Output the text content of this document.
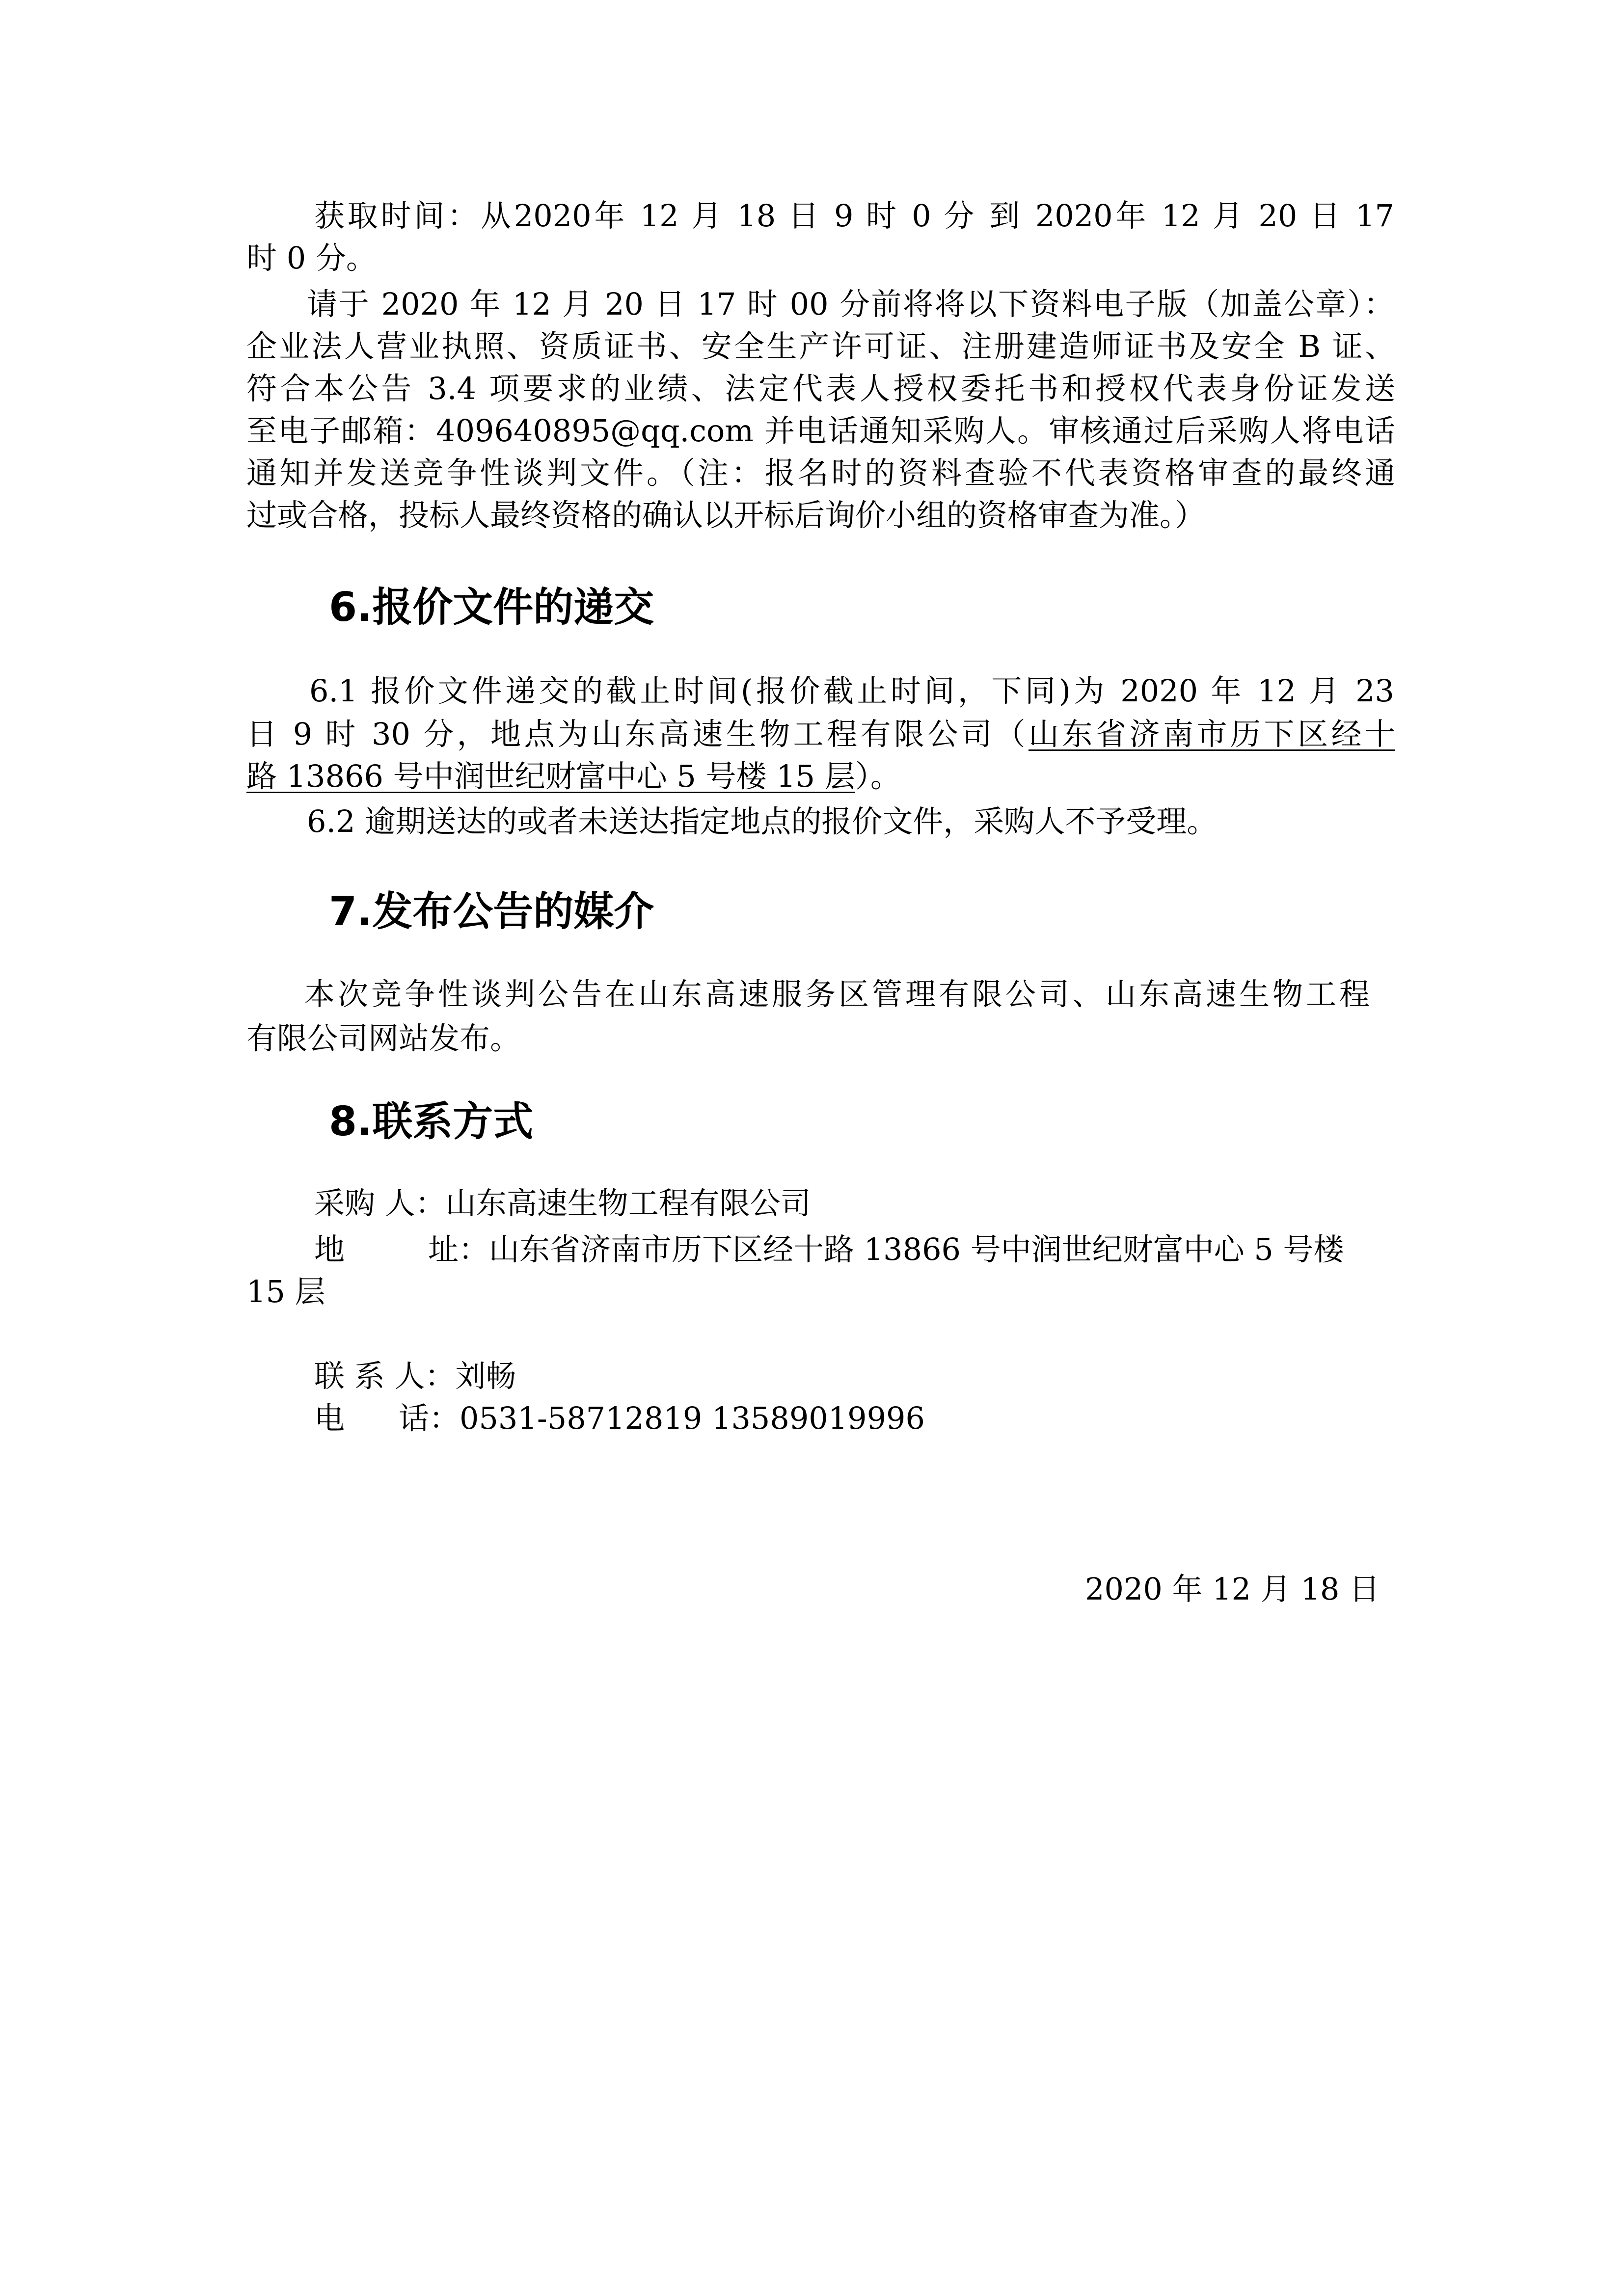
获取时间：从2020年 12 月 18 日 9 时 0 分 到 2020年 12 月 20 日 17
时 0 分。
请于 2020 年 12 月 20 日 17 时 00 分前将将以下资料电子版（加盖公章）：
企业法人营业执照、资质证书、安全生产许可证、注册建造师证书及安全 B 证、
符合本公告 3.4 项要求的业绩、法定代表人授权委托书和授权代表身份证发送
至电子邮箱：409640895@qq.com 并电话通知采购人。审核通过后采购人将电话
通知并发送竞争性谈判文件。（注：报名时的资料查验不代表资格审查的最终通
过或合格，投标人最终资格的确认以开标后询价小组的资格审查为准。）
6.报价文件的递交
6.1 报价文件递交的截止时间(报价截止时间，下同)为 2020 年 12 月 23
日 9 时 30 分，地点为山东高速生物工程有限公司（山东省济南市历下区经十
路 13866 号中润世纪财富中心 5 号楼 15 层）。
6.2 逾期送达的或者未送达指定地点的报价文件，采购人不予受理。
7.发布公告的媒介
本次竞争性谈判公告在山东高速服务区管理有限公司、山东高速生物工程
有限公司网站发布。
8.联系方式
采购 人：山东高速生物工程有限公司
地	址：山东省济南市历下区经十路 13866 号中润世纪财富中心 5 号楼
15 层
联 系 人：刘畅
电 话：0531-58712819 13589019996
2020 年 12 月 18 日
